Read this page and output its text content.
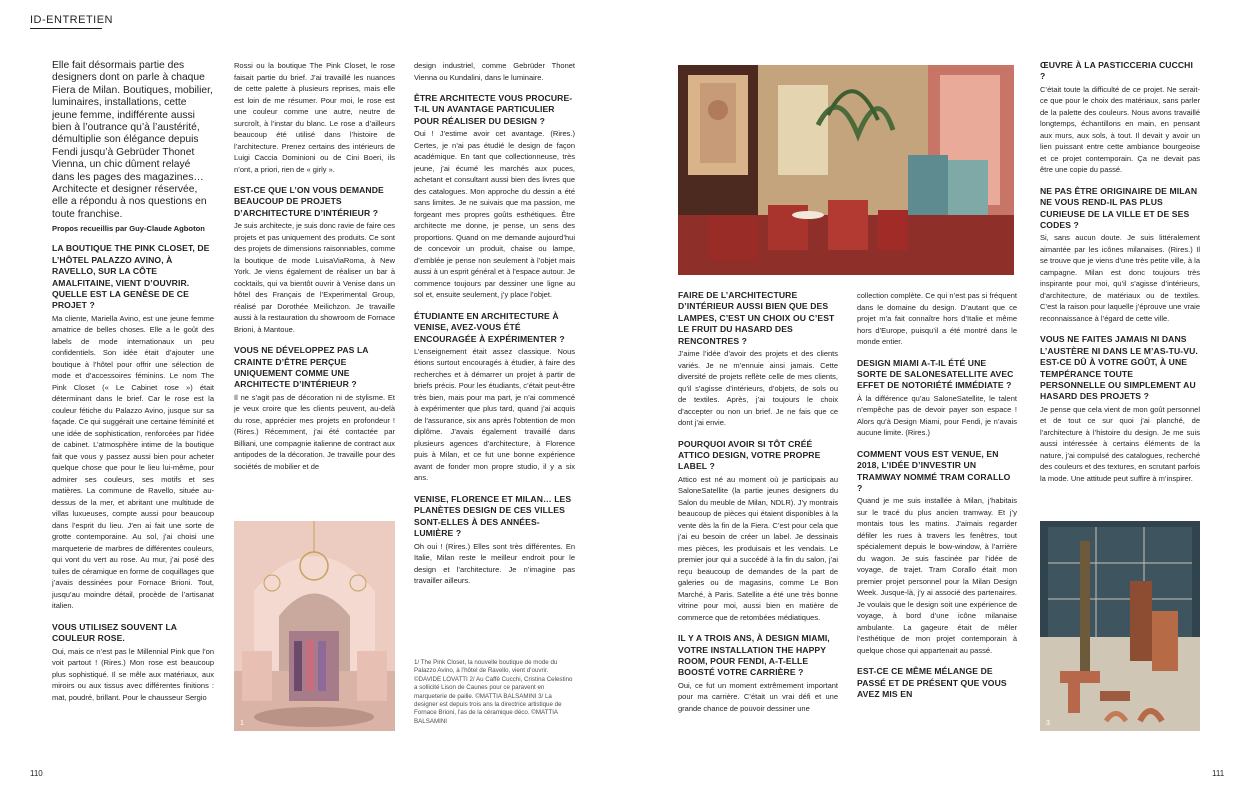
ID-ENTRETIEN

Elle fait désormais partie des designers dont on parle à chaque Fiera de Milan. Boutiques, mobilier, luminaires, installations, cette jeune femme, indifférente aussi bien à l’outrance qu’à l’austérité, démultiplie son élégance depuis Fendi jusqu’à Gebrüder Thonet Vienna, un chic dûment relayé dans les pages des magazines… Architecte et designer réservée, elle a répondu à nos questions en toute franchise.

Propos recueillis par Guy-Claude Agboton

LA BOUTIQUE THE PINK CLOSET, DE L’HÔTEL PALAZZO AVINO, À RAVELLO, SUR LA CÔTE AMALFITAINE, VIENT D’OUVRIR. QUELLE EST LA GENÈSE DE CE PROJET ?

Ma cliente, Mariella Avino, est une jeune femme amatrice de belles choses. Elle a le goût des labels de mode internationaux un peu confidentiels. Son idée était d’ajouter une boutique à l’hôtel pour offrir une sélection de mode et d’accessoires féminins. Le nom The Pink Closet (« Le Cabinet rose ») était déterminant dans le brief. Car le rose est la couleur fétiche du Palazzo Avino, jusque sur sa façade. Ce qui suggérait une certaine féminité et une idée de sophistication, renforcées par l’idée de cabinet. L’atmosphère intime de la boutique fait que vous y passez aussi bien pour acheter quelque chose que pour le lieu lui-même, pour admirer ses couleurs, ses motifs et ses matières. La commune de Ravello, située au-dessus de la mer, et abritant une multitude de villas luxueuses, compte aussi pour beaucoup dans l’esprit du lieu. J’en ai fait une sorte de grotte contemporaine. Au sol, j’ai choisi une marqueterie de marbres de différentes couleurs, qui vont du vert au rose. Au mur, j’ai posé des tuiles de céramique en forme de coquillages que j’avais dessinées pour Fornace Brioni. Tout, jusqu’au moindre détail, procède de l’artisanat italien.

VOUS UTILISEZ SOUVENT LA COULEUR ROSE.

Oui, mais ce n’est pas le Millennial Pink que l’on voit partout ! (Rires.) Mon rose est beaucoup plus sophistiqué. Il se mêle aux matériaux, aux miroirs ou aux tissus avec différentes finitions : mat, poudré, brillant. Pour le chausseur Sergio

Rossi ou la boutique The Pink Closet, le rose faisait partie du brief. J’ai travaillé les nuances de cette palette à plusieurs reprises, mais elle est loin de me résumer. Pour moi, le rose est une couleur comme une autre, neutre de surcroît, à l’instar du blanc. Le rose a d’ailleurs beaucoup été utilisé dans l’histoire de l’architecture. Prenez certains des intérieurs de Luigi Caccia Dominioni ou de Cini Boeri, ils n’ont, a priori, rien de « girly ».

EST-CE QUE L’ON VOUS DEMANDE BEAUCOUP DE PROJETS D’ARCHITECTURE D’INTÉRIEUR ?

Je suis architecte, je suis donc ravie de faire ces projets et pas uniquement des produits. Ce sont des projets de dimensions raisonnables, comme la boutique de mode LuisaViaRoma, à New York. Je viens également de réaliser un bar à cocktails, qui va bientôt ouvrir à Venise dans un hôtel des Français de l’Experimental Group, réalisé par Dorothée Meilichzon. Je travaille aussi à la restauration du showroom de Fornace Brioni, à Mantoue.

VOUS NE DÉVELOPPEZ PAS LA CRAINTE D’ÊTRE PERÇUE UNIQUEMENT COMME UNE ARCHITECTE D’INTÉRIEUR ?

Il ne s’agit pas de décoration ni de stylisme. Et je veux croire que les clients peuvent, au-delà du rose, apprécier mes projets en profondeur ! (Rires.) Récemment, j’ai été contactée par Billiani, une compagnie italienne de contract aux antipodes de la décoration. Je travaille pour des sociétés de mobilier et de

1

design industriel, comme Gebrüder Thonet Vienna ou Kundalini, dans le luminaire.

ÊTRE ARCHITECTE VOUS PROCURE-T-IL UN AVANTAGE PARTICULIER POUR RÉALISER DU DESIGN ?

Oui ! J’estime avoir cet avantage. (Rires.) Certes, je n’ai pas étudié le design de façon académique. En tant que collectionneuse, très jeune, j’ai écumé les marchés aux puces, achetant et consultant aussi bien des livres que des catalogues. Mon approche du dessin a été sans limites. Je ne suivais que ma passion, me forgeant mes propres goûts esthétiques. Être architecte me donne, je pense, un sens des proportions. Quand on me demande aujourd’hui de concevoir un produit, chaise ou lampe, d’emblée je pense non seulement à l’objet mais aussi à un esprit général et à l’espace autour. Je commence toujours par dessiner une ligne au sol et, ensuite seulement, j’y place l’objet.

ÉTUDIANTE EN ARCHITECTURE À VENISE, AVEZ-VOUS ÉTÉ ENCOURAGÉE À EXPÉRIMENTER ?

L’enseignement était assez classique. Nous étions surtout encouragés à étudier, à faire des recherches et à démarrer un projet à partir de briefs précis. Pour les étudiants, c’était peut-être très bien, mais pour ma part, je n’ai commencé à expérimenter que plus tard, quand j’ai acquis de l’assurance, six ans après l’obtention de mon diplôme. J’avais également travaillé dans plusieurs agences d’architecture, à Florence puis à Milan, et ce fut une bonne expérience avant de fonder mon propre studio, il y a six ans.

VENISE, FLORENCE ET MILAN… LES PLANÈTES DESIGN DE CES VILLES SONT-ELLES À DES ANNÉES-LUMIÈRE ?

Oh oui ! (Rires.) Elles sont très différentes. En Italie, Milan reste le meilleur endroit pour le design et l’architecture. Je n’imagine pas travailler ailleurs.

1/ The Pink Closet, la nouvelle boutique de mode du Palazzo Avino, à l’hôtel de Ravello, vient d’ouvrir. ©DAVIDE LOVATTI 2/ Au Caffè Cucchi, Cristina Celestino a sollicité Lison de Caunes pour ce paravent en marqueterie de paille. ©MATTIA BALSAMINI 3/ La designer est depuis trois ans la directrice artistique de Fornace Brioni, l’as de la céramique déco. ©MATTIA BALSAMINI
FAIRE DE L’ARCHITECTURE D’INTÉRIEUR AUSSI BIEN QUE DES LAMPES, C’EST UN CHOIX OU C’EST LE FRUIT DU HASARD DES RENCONTRES ?

J’aime l’idée d’avoir des projets et des clients variés. Je ne m’ennuie ainsi jamais. Cette diversité de projets reflète celle de mes clients, qu’il s’agisse d’intérieurs, d’objets, de sols ou de textiles. Après, j’ai toujours le choix d’accepter ou non un brief. Je ne fais que ce dont j’ai envie.

POURQUOI AVOIR SI TÔT CRÉÉ ATTICO DESIGN, VOTRE PROPRE LABEL ?

Attico est né au moment où je participais au SaloneSatellite (la partie jeunes designers du Salon du meuble de Milan, NDLR). J’y montrais beaucoup de pièces qui étaient disponibles à la vente dès la fin de la Fiera. C’est pour cela que j’ai eu besoin de créer un label. Je dessinais mes pièces, les produisais et les vendais. Le premier jour qui a succédé à la fin du salon, j’ai reçu beaucoup de demandes de la part de galeries ou de magasins, comme Le Bon Marché, à Paris. Satellite a été une très bonne vitrine pour moi, aussi bien en matière de commerce que de retombées médiatiques.

IL Y A TROIS ANS, À DESIGN MIAMI, VOTRE INSTALLATION THE HAPPY ROOM, POUR FENDI, A-T-ELLE BOOSTÉ VOTRE CARRIÈRE ?

Oui, ce fut un moment extrêmement important pour ma carrière. C’était un vrai défi et une grande chance de pouvoir dessiner une

collection complète. Ce qui n’est pas si fréquent dans le domaine du design. D’autant que ce projet m’a fait connaître hors d’Italie et même hors d’Europe, puisqu’il a été montré dans le monde entier.

DESIGN MIAMI A-T-IL ÉTÉ UNE SORTE DE SALONESATELLITE AVEC EFFET DE NOTORIÉTÉ IMMÉDIATE ?

À la différence qu’au SaloneSatellite, le talent n’empêche pas de devoir payer son espace ! Alors qu’à Design Miami, pour Fendi, je n’avais aucune limite. (Rires.)

COMMENT VOUS EST VENUE, EN 2018, L’IDÉE D’INVESTIR UN TRAMWAY NOMMÉ TRAM CORALLO ?

Quand je me suis installée à Milan, j’habitais sur le tracé du plus ancien tramway. Et j’y montais tous les matins. J’aimais regarder défiler les rues à travers les fenêtres, tout spécialement depuis le bow-window, à l’arrière du wagon. Je suis fascinée par l’idée de voyage, de trajet. Tram Corallo était mon premier projet personnel pour la Milan Design Week. Jusque-là, j’y ai associé des partenaires. Je voulais que le design soit une expérience de voyage, à bord d’une icône milanaise ambulante. La gageure était de mêler l’esthétique de mon projet contemporain à quelque chose qui appartenait au passé.

EST-CE CE MÊME MÉLANGE DE PASSÉ ET DE PRÉSENT QUE VOUS AVEZ MIS EN
ŒUVRE À LA PASTICCERIA CUCCHI ?

C’était toute la difficulté de ce projet. Ne serait-ce que pour le choix des matériaux, sans parler de la palette des couleurs. Nous avons travaillé longtemps, échantillons en main, en pensant aux murs, aux sols, à tout. Il devait y avoir un lien puissant entre cette ambiance bourgeoise et ce projet contemporain. Ça ne devait pas être une copie du passé.

NE PAS ÊTRE ORIGINAIRE DE MILAN NE VOUS REND-IL PAS PLUS CURIEUSE DE LA VILLE ET DE SES CODES ?

Si, sans aucun doute. Je suis littéralement aimantée par les icônes milanaises. (Rires.) Il se trouve que je viens d’une très petite ville, à la campagne. Milan est donc toujours très inspirante pour moi, qu’il s’agisse d’intérieurs, d’architecture, de matériaux ou de textiles. C’est la raison pour laquelle j’éprouve une vraie reconnaissance à l’égard de cette ville.

VOUS NE FAITES JAMAIS NI DANS L’AUSTÈRE NI DANS LE M’AS-TU-VU. EST-CE DÛ À VOTRE GOÛT, À UNE TEMPÉRANCE TOUTE PERSONNELLE OU SIMPLEMENT AU HASARD DES PROJETS ?

Je pense que cela vient de mon goût personnel et de tout ce sur quoi j’ai planché, de l’architecture à l’histoire du design. Je me suis aussi intéressée à certains éléments de la nature, j’ai compulsé des catalogues, recherché des couleurs et des textures, en scrutant parfois la mode. Une attitude peut suffire à m’inspirer.

3
110	111
